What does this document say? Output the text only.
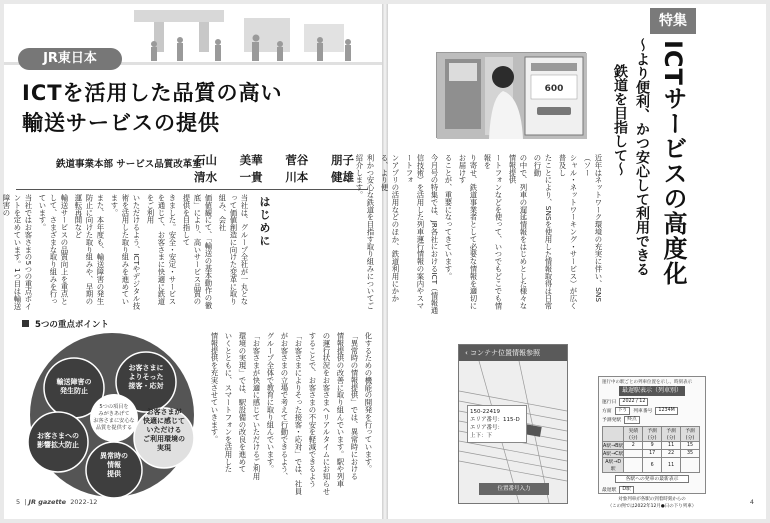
JR東日本
ICTを活用した品質の高い
輸送サービスの提供
鉄道事業本部 サービス品質改革室
石山 美華 菅谷 朋子
清水 一貴 川本 健雄
はじめに
当社は、グループ全社が一丸となって価値創造に向けた変革に取り組み、会社
価値観にて、「輸送の基本動作の徹底」により、高いサービス品質の提供を目指して
きました。安全・安定・サービスを通じて、お客さまに快適に鉄道をご利用
いただけるよう、ICTやデジタル技術を活用した取り組みを進めています。
また、本年度も、輸送障害の発生防止に向けた取り組みや、早期の運転再開など
輸送サービスの品質向上を重点として、さまざまな取り組みを行っています。
当社ではお客さまの5つの重点ポイントを定めています。1つ目は輸送障害の
5つの重点ポイント
5つの項目を
みがきあげて
お客さまに安心な
品質を提供する
輸送障害の
発生防止
お客さまに
よりそった
接客・応対
お客さまが
快適に感じて
いただける
ご利用環境の
実現
異常時の
情報
提供
お客さまへの
影響拡大防止	化するための機能の開発を行っています。
「異常時の情報提供」では、異常時における
情報提供の改善に取り組んでいます。駅や列車
の運行状況をお客さまへリアルタイムにお知らせ
することで、お客さまの不安を軽減できるよう
「お客さまによりそった接客・応対」では、社員
がお客さまの立場で考えて行動できるよう、
グループ全体で教育に取り組んでいます。
「お客さまが快適に感じていただけるご利用
環境の実現」では、駅設備の改良を進めて
いくとともに、スマートフォンを活用した
情報提供を充実させていきます。
5  | JR gazette 2022-12
特集
600	ICTサービスの高度化
〜より便利、かつ安心して利用できる
鉄道を目指して〜
近年はネットワーク環境の充実に伴い、SNS（ソー
シャル・ネットワーキング・サービス）が広く普及し
たことにより、SNSを使用した情報取得は日常の行動
の中で、列車の遅延情報をはじめとした様々な情報提供
ートフォンなどを使って、いつでもどこでも情報を
り寄せ、鉄道事業者として必要な情報を適切にお届けす
ることが、重要になってきています。
今月号の特集では、JR各社におけるICT（情報通
信技術）を活用した列車運行情報の案内やスマートフォ
ンアプリの活用などのほか、鉄道利用にかかる、より便
利かつ安心な鉄道を目指す取り組みについてご紹介します。
‹ コンテナ位置情報参照
150-22419
エリア番号：115-D
エリア番号：
上下：下
位置番号入力
運行中の駅ごとの列車位置を示し、時刻表示
最遅駅表示（列車別）
運行日	2022 / 12
方面	下り	列車番号	1234M
予測発駅	終点
	実績(分)	予測(分)	予測(分)	予測(分)
A駅→B駅	2	9	11	15
A駅→C駅		17	22	35
A駅→D駅		6	11	
各駅への発車の最新表示
最遅駅	D駅
対象列車が各駅の到着時刻からの
（この例では2022年12月●日の下り列車）
4
